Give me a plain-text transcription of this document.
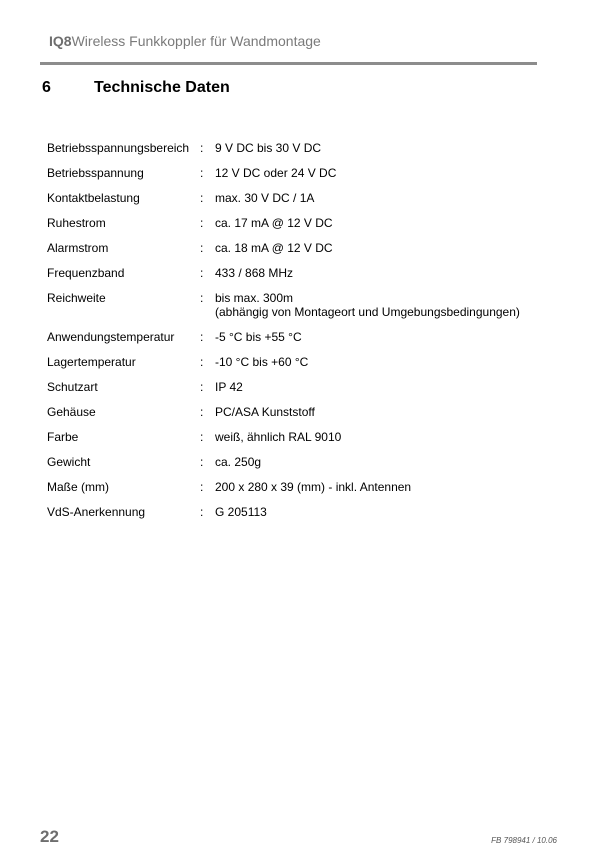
IQ8Wireless Funkkoppler für Wandmontage
6	Technische Daten
Betriebsspannungsbereich : 9 V DC bis 30 V DC
Betriebsspannung	: 12 V DC oder 24 V DC
Kontaktbelastung	: max. 30 V DC / 1A
Ruhestrom	: ca. 17 mA @ 12 V DC
Alarmstrom	: ca. 18 mA @ 12 V DC
Frequenzband	: 433 / 868 MHz
Reichweite	: bis max. 300m
(abhängig von Montageort und Umgebungsbedingungen)
Anwendungstemperatur	: -5 °C bis +55 °C
Lagertemperatur	: -10 °C bis +60 °C
Schutzart	: IP 42
Gehäuse	: PC/ASA Kunststoff
Farbe	: weiß, ähnlich RAL 9010
Gewicht	: ca. 250g
Maße (mm)	: 200 x 280 x 39 (mm) - inkl. Antennen
VdS-Anerkennung	: G 205113
22	FB 798941 / 10.06
